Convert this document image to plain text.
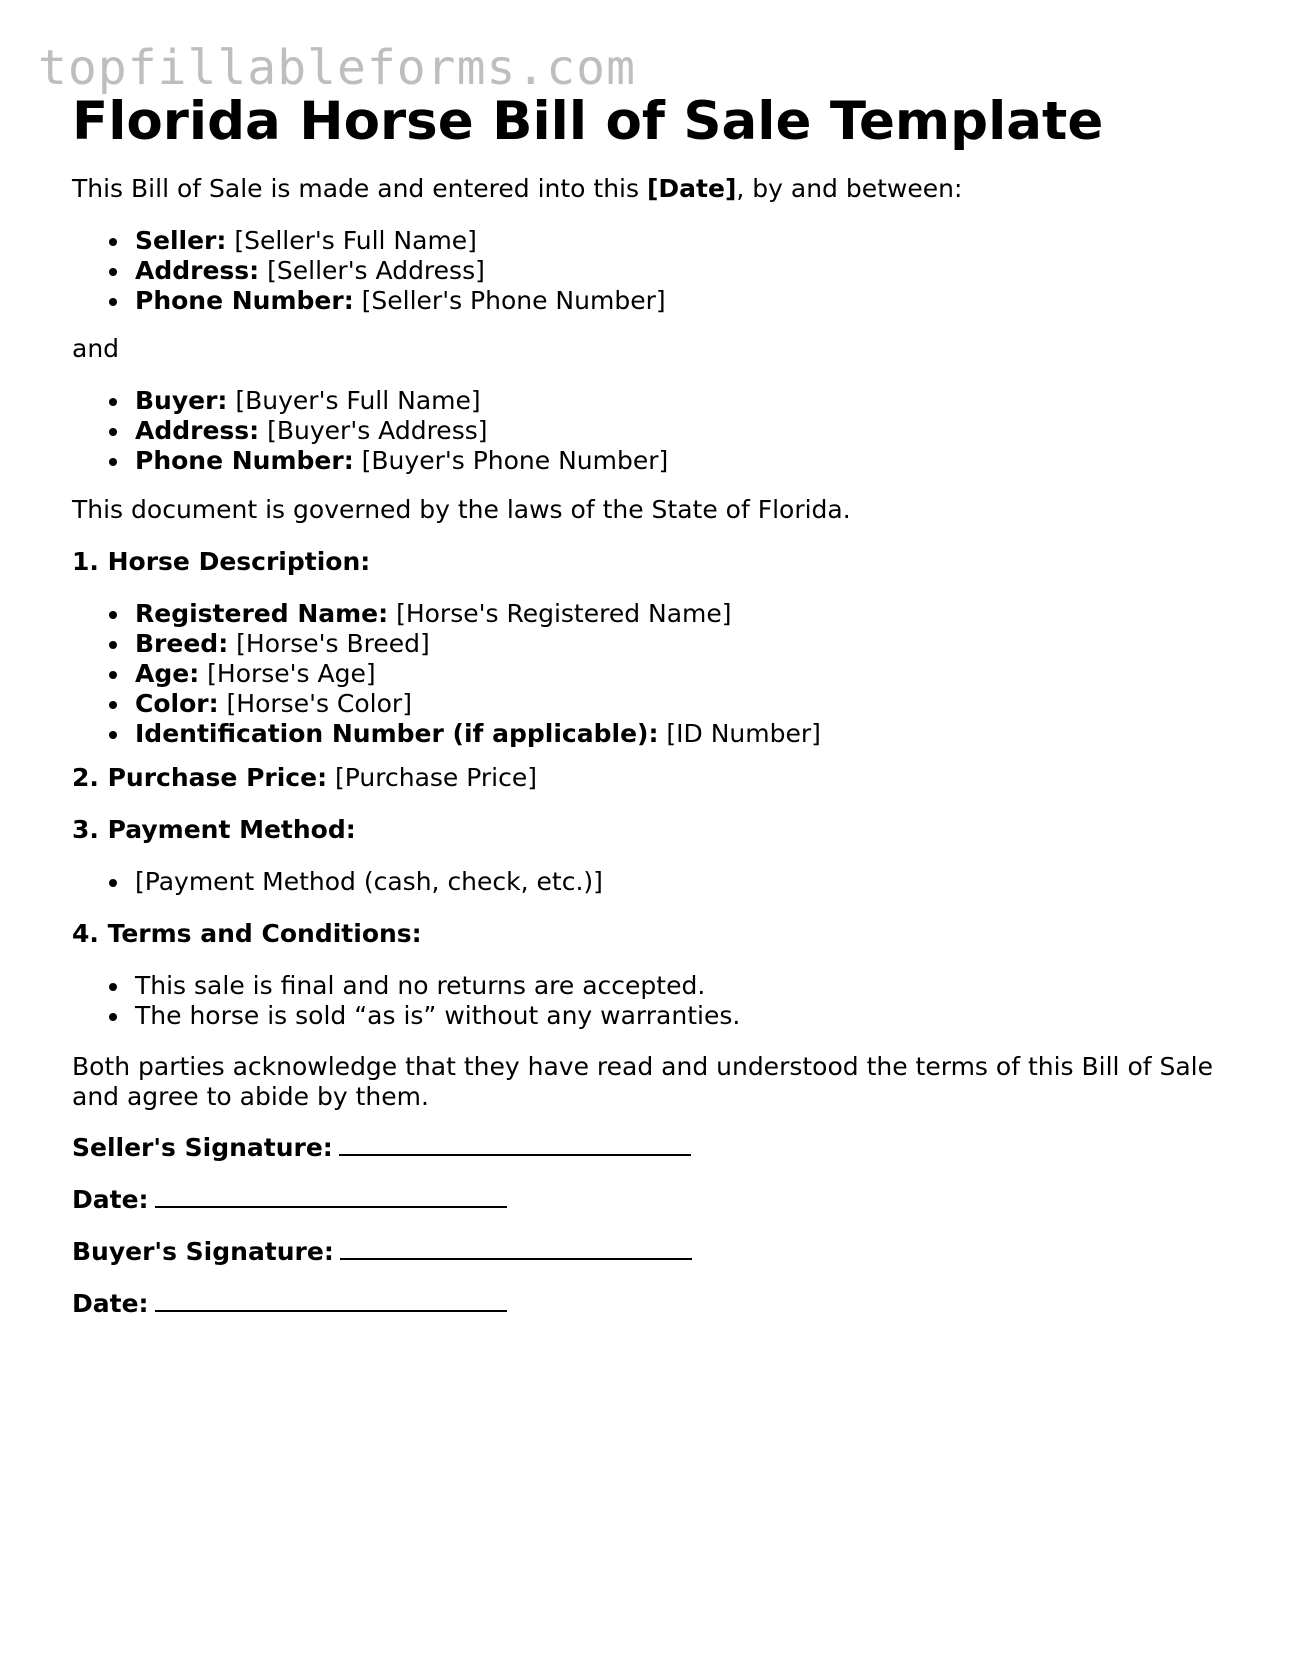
topfillableforms.com
Florida Horse Bill of Sale Template
This Bill of Sale is made and entered into this [Date], by and between:
Seller: [Seller's Full Name]
Address: [Seller's Address]
Phone Number: [Seller's Phone Number]
and
Buyer: [Buyer's Full Name]
Address: [Buyer's Address]
Phone Number: [Buyer's Phone Number]
This document is governed by the laws of the State of Florida.
1. Horse Description:
Registered Name: [Horse's Registered Name]
Breed: [Horse's Breed]
Age: [Horse's Age]
Color: [Horse's Color]
Identification Number (if applicable): [ID Number]
2. Purchase Price: [Purchase Price]
3. Payment Method:
[Payment Method (cash, check, etc.)]
4. Terms and Conditions:
This sale is final and no returns are accepted.
The horse is sold “as is” without any warranties.
Both parties acknowledge that they have read and understood the terms of this Bill of Sale
and agree to abide by them.
Seller's Signature:
Date:
Buyer's Signature:
Date:
